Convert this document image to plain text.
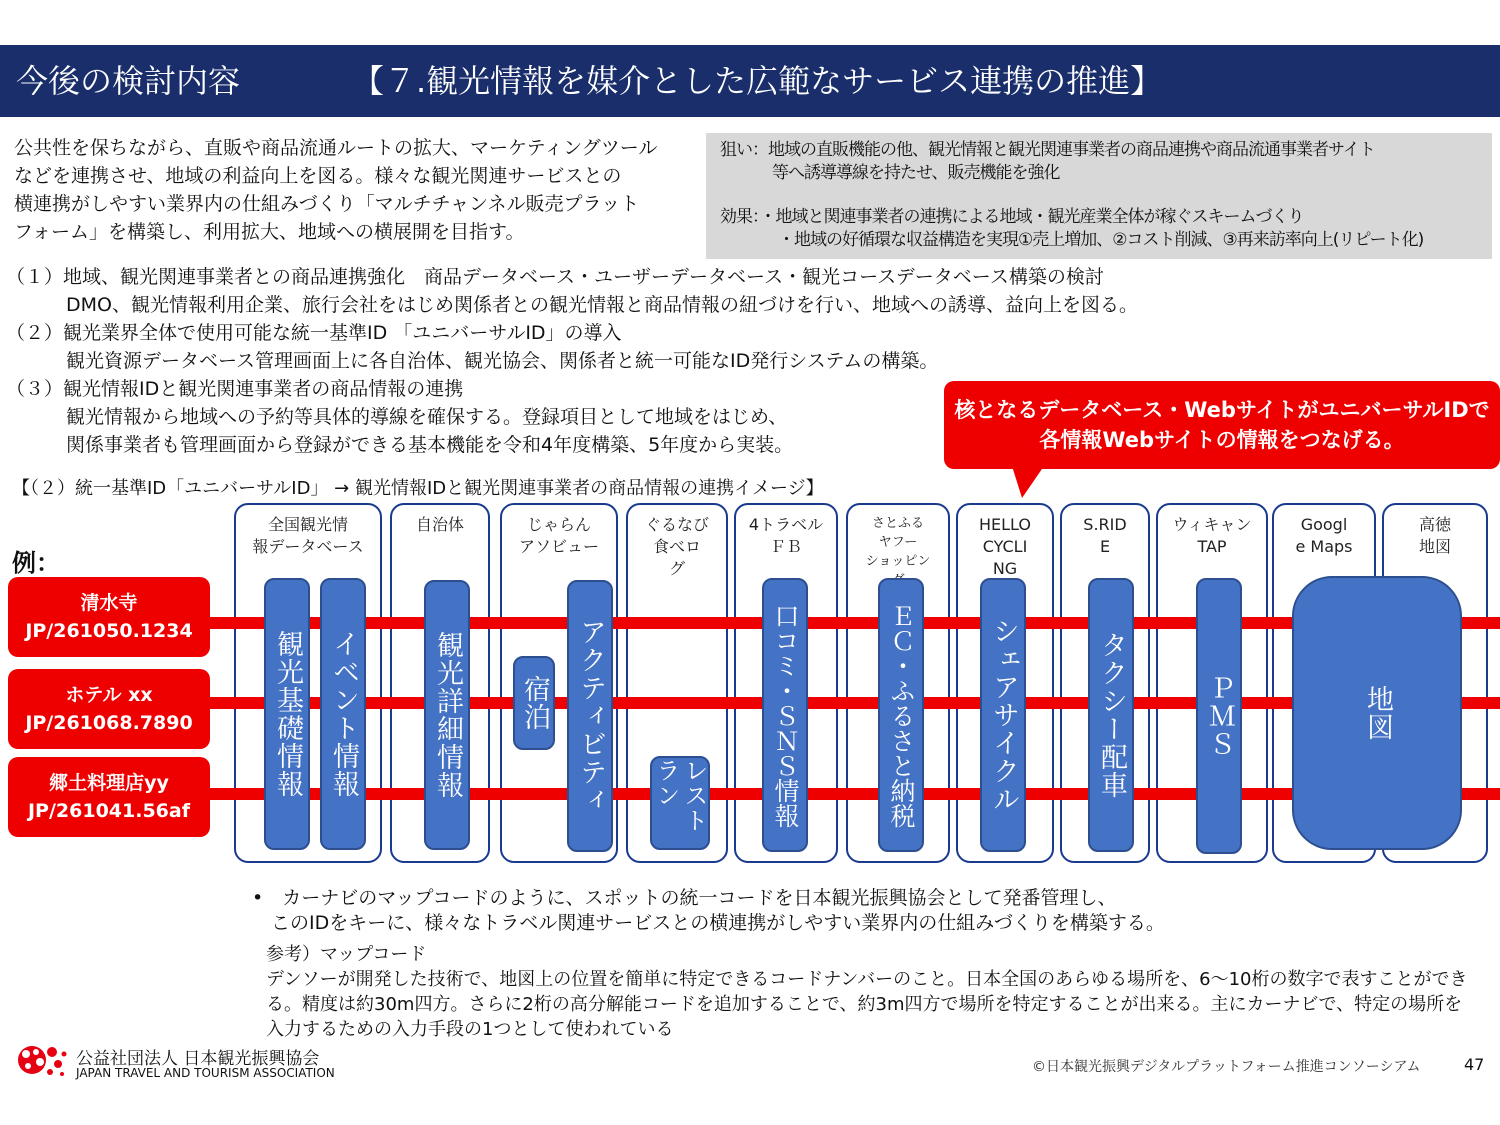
今後の検討内容	【７.観光情報を媒介とした広範なサービス連携の推進】
公共性を保ちながら、直販や商品流通ルートの拡大、マーケティングツール
などを連携させ、地域の利益向上を図る。様々な観光関連サービスとの
横連携がしやすい業界内の仕組みづくり「マルチチャンネル販売プラット
フォーム」を構築し、利用拡大、地域への横展開を目指す。
狙い：地域の直販機能の他、観光情報と観光関連事業者の商品連携や商品流通事業者サイト
等へ誘導導線を持たせ、販売機能を強化
効果：・地域と関連事業者の連携による地域・観光産業全体が稼ぐスキームづくり
・地域の好循環な収益構造を実現①売上増加、②コスト削減、③再来訪率向上(リピート化)
（１）地域、観光関連事業者との商品連携強化　商品データベース・ユーザーデータベース・観光コースデータベース構築の検討
DMO、観光情報利用企業、旅行会社をはじめ関係者との観光情報と商品情報の紐づけを行い、地域への誘導、益向上を図る。
（２）観光業界全体で使用可能な統一基準ID 「ユニバーサルID」の導入
観光資源データベース管理画面上に各自治体、観光協会、関係者と統一可能なID発行システムの構築。
（３）観光情報IDと観光関連事業者の商品情報の連携
観光情報から地域への予約等具体的導線を確保する。登録項目として地域をはじめ、
関係事業者も管理画面から登録ができる基本機能を令和4年度構築、5年度から実装。
核となるデータベース・WebサイトがユニバーサルIDで
各情報Webサイトの情報をつなげる。
【（２）統一基準ID「ユニバーサルID」 → 観光情報IDと観光関連事業者の商品情報の連携イメージ】
例：
全国観光情
報データベース
自治体	じゃらん
アソビュー
ぐるなび
食べロ
グ
4トラベル
ＦＢ
さとふる
ヤフー
ショッピン

HELLO
CYCLI
NG
S.RID
E
ウィキャン
TAP
Googl
e Maps
高徳
地図
観光基礎情報 イベント情報	観光詳細情報 宿泊 アクティビティ	レストラン	口コミ・ＳＮＳ情報	ＥＣ・ふるさと納税	シェアサイクル	タクシー配車	ＰＭＳ	地図
清水寺
JP/261050.1234
ホテル xx
JP/261068.7890
郷土料理店yy
JP/261041.56af
•　カーナビのマップコードのように、スポットの統一コードを日本観光振興協会として発番管理し、
　このIDをキーに、様々なトラベル関連サービスとの横連携がしやすい業界内の仕組みづくりを構築する。
参考）マップコード
デンソーが開発した技術で、地図上の位置を簡単に特定できるコードナンバーのこと。日本全国のあらゆる場所を、6～10桁の数字で表すことができる。精度は約30m四方。さらに2桁の高分解能コードを追加することで、約3m四方で場所を特定することが出来る。主にカーナビで、特定の場所を入力するための入力手段の1つとして使われている
公益社団法人 日本観光振興協会
JAPAN TRAVEL AND TOURISM ASSOCIATION	©日本観光振興デジタルプラットフォーム推進コンソーシアム	47
